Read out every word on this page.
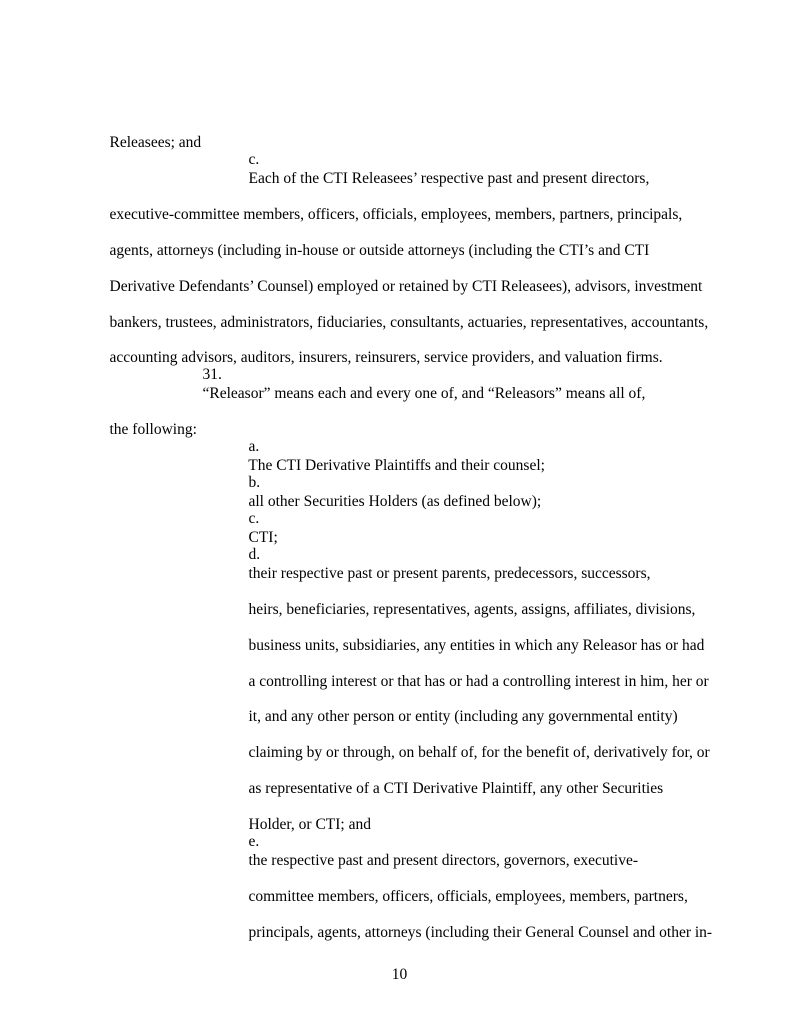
Releasees; and

c.
Each of the CTI Releasees’ respective past and present directors,

executive-committee members, officers, officials, employees, members, partners, principals,

agents, attorneys (including in-house or outside attorneys (including the CTI’s and CTI

Derivative Defendants’ Counsel) employed or retained by CTI Releasees), advisors, investment

bankers, trustees, administrators, fiduciaries, consultants, actuaries, representatives, accountants,

accounting advisors, auditors, insurers, reinsurers, service providers, and valuation firms.

31.
“Releasor” means each and every one of, and “Releasors” means all of,

the following:

a.
The CTI Derivative Plaintiffs and their counsel;

b.
all other Securities Holders (as defined below);

c.
CTI;

d.
their respective past or present parents, predecessors, successors,

heirs, beneficiaries, representatives, agents, assigns, affiliates, divisions,

business units, subsidiaries, any entities in which any Releasor has or had

a controlling interest or that has or had a controlling interest in him, her or

it, and any other person or entity (including any governmental entity)

claiming by or through, on behalf of, for the benefit of, derivatively for, or

as representative of a CTI Derivative Plaintiff, any other Securities

Holder, or CTI; and

e.
the respective past and present directors, governors, executive-

committee members, officers, officials, employees, members, partners,

principals, agents, attorneys (including their General Counsel and other in-

10
